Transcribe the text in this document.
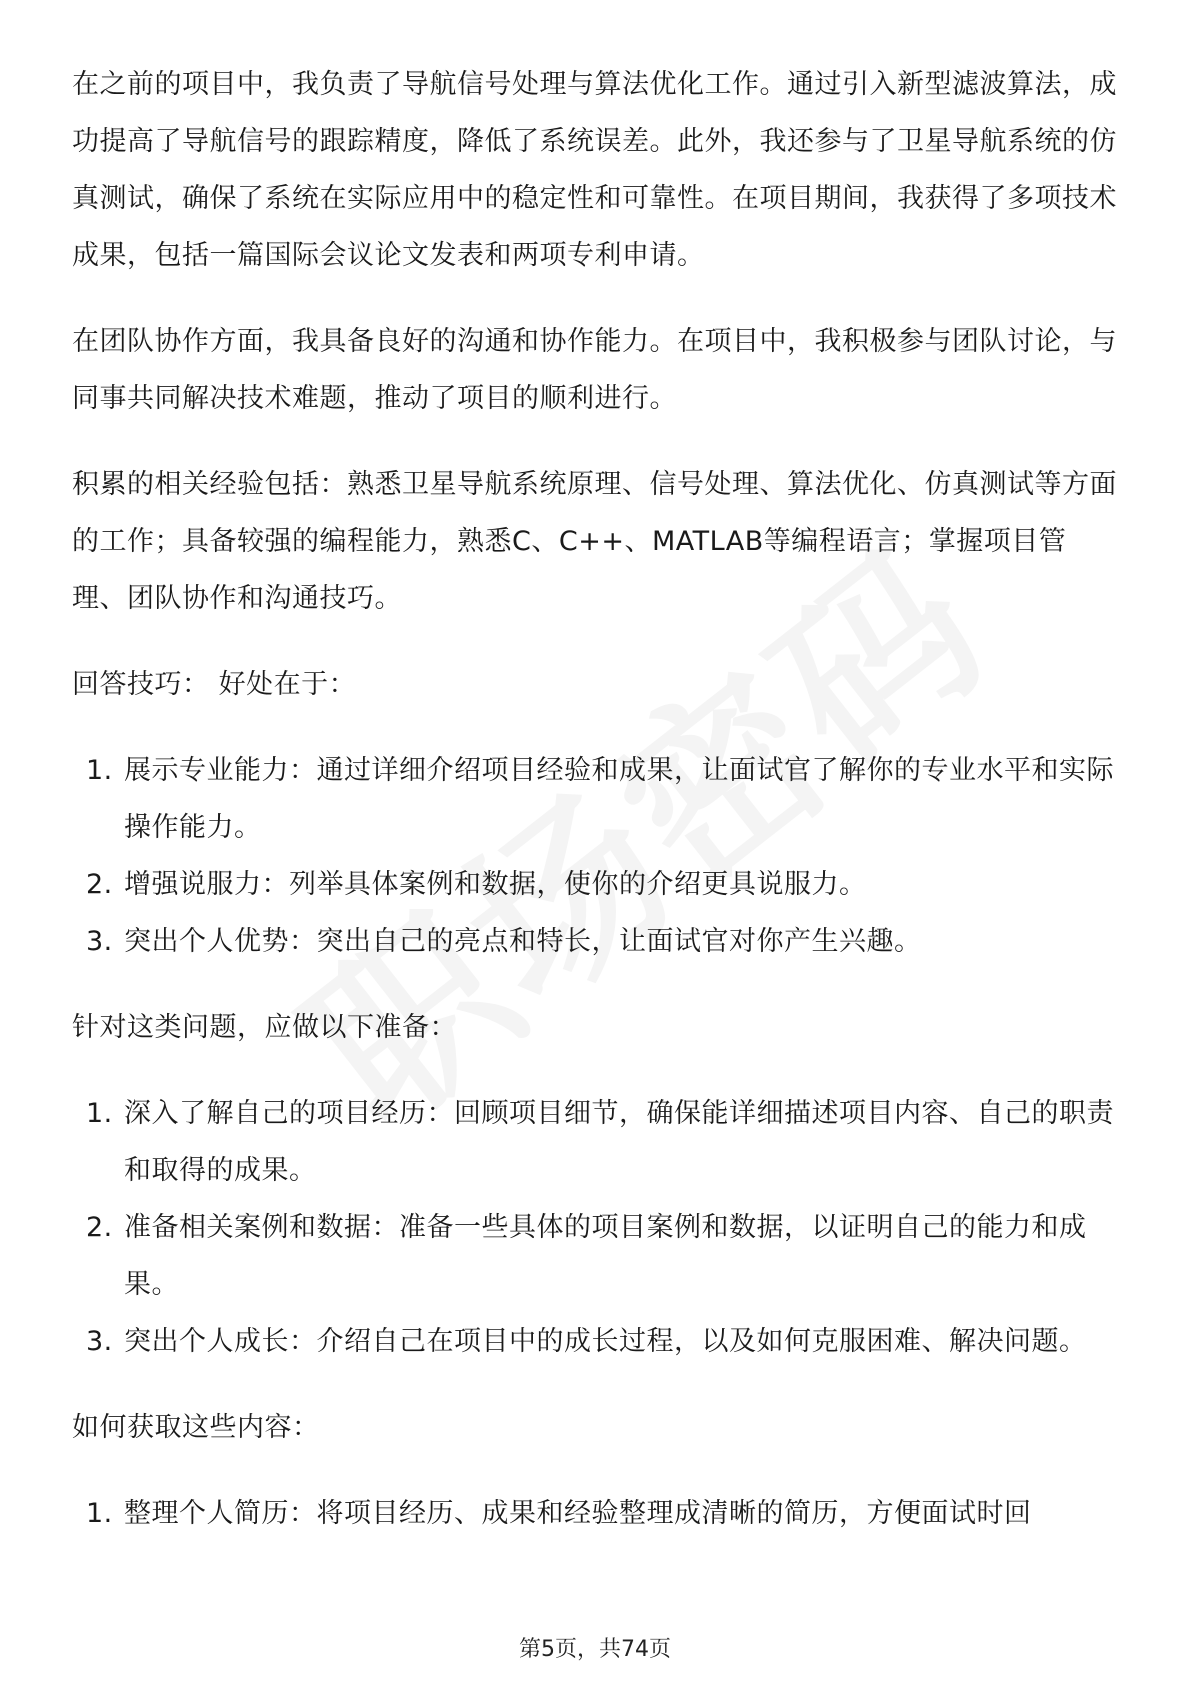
在之前的项目中，我负责了导航信号处理与算法优化工作。通过引入新型滤波算法，成功提高了导航信号的跟踪精度，降低了系统误差。此外，我还参与了卫星导航系统的仿真测试，确保了系统在实际应用中的稳定性和可靠性。在项目期间，我获得了多项技术成果，包括一篇国际会议论文发表和两项专利申请。

在团队协作方面，我具备良好的沟通和协作能力。在项目中，我积极参与团队讨论，与同事共同解决技术难题，推动了项目的顺利进行。

积累的相关经验包括：熟悉卫星导航系统原理、信号处理、算法优化、仿真测试等方面的工作；具备较强的编程能力，熟悉C、C++、MATLAB等编程语言；掌握项目管理、团队协作和沟通技巧。

回答技巧： 好处在于：

1. 展示专业能力：通过详细介绍项目经验和成果，让面试官了解你的专业水平和实际操作能力。
2. 增强说服力：列举具体案例和数据，使你的介绍更具说服力。
3. 突出个人优势：突出自己的亮点和特长，让面试官对你产生兴趣。

针对这类问题，应做以下准备：

1. 深入了解自己的项目经历：回顾项目细节，确保能详细描述项目内容、自己的职责和取得的成果。
2. 准备相关案例和数据：准备一些具体的项目案例和数据，以证明自己的能力和成果。
3. 突出个人成长：介绍自己在项目中的成长过程，以及如何克服困难、解决问题。

如何获取这些内容：

1. 整理个人简历：将项目经历、成果和经验整理成清晰的简历，方便面试时回
第5页，共74页
